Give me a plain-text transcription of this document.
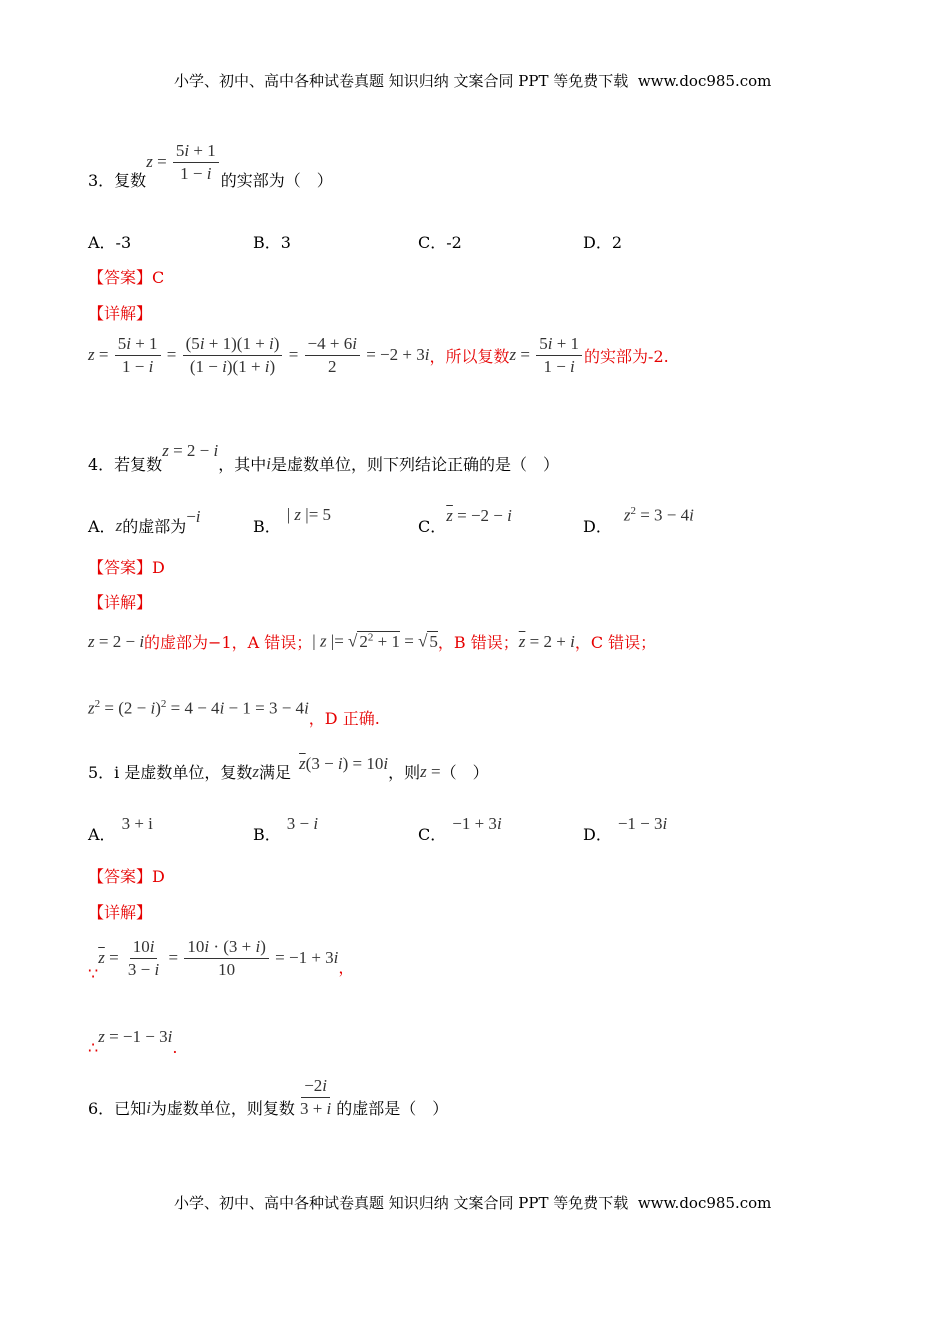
小学、初中、高中各种试卷真题 知识归纳 文案合同 PPT 等免费下载 www.doc985.com
3．复数
$z = \frac{5i + 1}{1 - i}$ 的实部为（　）
A．-3	B．3	C．-2	D．2
【答案】C
【详解】
$z = \frac{5i + 1}{1 - i} = \frac{(5i + 1)(1 + i)}{(1 - i)(1 + i)} = \frac{-4 + 6i}{2} = -2 + 3i$ ，所以复数 $z = \frac{5i + 1}{1 - i}$ 的实部为-2.
4．若复数
z = 2 − i
，其中 i 是虚数单位，则下列结论正确的是（　）
A． z 的虚部为
−i
B．
| z |= 5
C．
$\overline{z} = -2 - i$
D．
$z^2 = 3 - 4i$
【答案】D
【详解】
z = 2 − i 的虚部为−1，A 错误； | z |= √ $2^2 + 1$ = √ 5 ，B 错误； $\overline{z} = 2 + i$ ，C 错误；
$z^2 = (2 - i)^2 = 4 - 4i - 1 = 3 - 4i$
，D 正确.
5．i 是虚数单位，复数 z 满足 $\overline{z}(3 - i) = 10i$ ，则 z = （　）
A．
3 + i
B．
3 − i
C．
−1 + 3i
D．
−1 − 3i
【答案】D
【详解】
∵
$\overline{z} = \frac{10i}{3 - i} = \frac{10i \cdot (3 + i)}{10} = -1 + 3i$
，
∴
z = −1 − 3i
.
6．已知 i 为虚数单位，则复数 $\frac{-2i}{3 + i}$ 的虚部是（　）
小学、初中、高中各种试卷真题 知识归纳 文案合同 PPT 等免费下载 www.doc985.com
